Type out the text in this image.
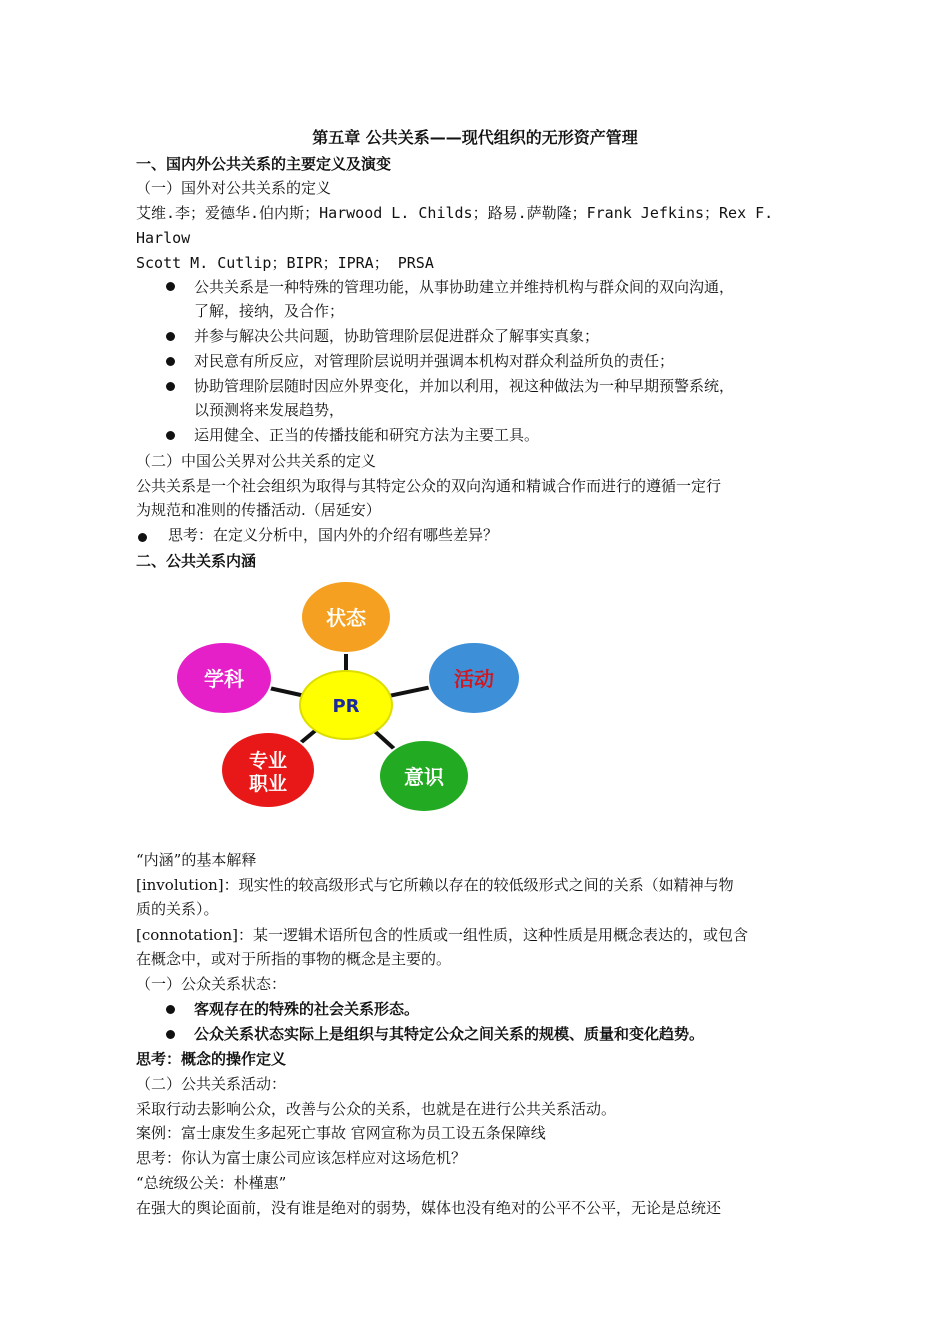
第五章 公共关系——现代组织的无形资产管理
一、国内外公共关系的主要定义及演变
（一）国外对公共关系的定义
艾维.李；爱德华.伯内斯；Harwood L. Childs；路易.萨勒隆；Frank Jefkins；Rex F.
Harlow
Scott M. Cutlip；BIPR；IPRA； PRSA
公共关系是一种特殊的管理功能，从事协助建立并维持机构与群众间的双向沟通，
了解，接纳，及合作；
并参与解决公共问题，协助管理阶层促进群众了解事实真象；
对民意有所反应，对管理阶层说明并强调本机构对群众利益所负的责任；
协助管理阶层随时因应外界变化，并加以利用，视这种做法为一种早期预警系统，
以预测将来发展趋势，
运用健全、正当的传播技能和研究方法为主要工具。
（二）中国公关界对公共关系的定义
公共关系是一个社会组织为取得与其特定公众的双向沟通和精诚合作而进行的遵循一定行
为规范和准则的传播活动.（居延安）
思考：在定义分析中，国内外的介绍有哪些差异？
二、公共关系内涵
状态
活动
意识
专业
职业
学科
PR
“内涵”的基本解释
[involution]：现实性的较高级形式与它所赖以存在的较低级形式之间的关系（如精神与物
质的关系）。
[connotation]：某一逻辑术语所包含的性质或一组性质，这种性质是用概念表达的，或包含
在概念中，或对于所指的事物的概念是主要的。
（一）公众关系状态：
客观存在的特殊的社会关系形态。
公众关系状态实际上是组织与其特定公众之间关系的规模、质量和变化趋势。
思考：概念的操作定义
（二）公共关系活动：
采取行动去影响公众，改善与公众的关系，也就是在进行公共关系活动。
案例：富士康发生多起死亡事故 官网宣称为员工设五条保障线
思考：你认为富士康公司应该怎样应对这场危机？
“总统级公关：朴槿惠”
在强大的舆论面前，没有谁是绝对的弱势，媒体也没有绝对的公平不公平，无论是总统还
